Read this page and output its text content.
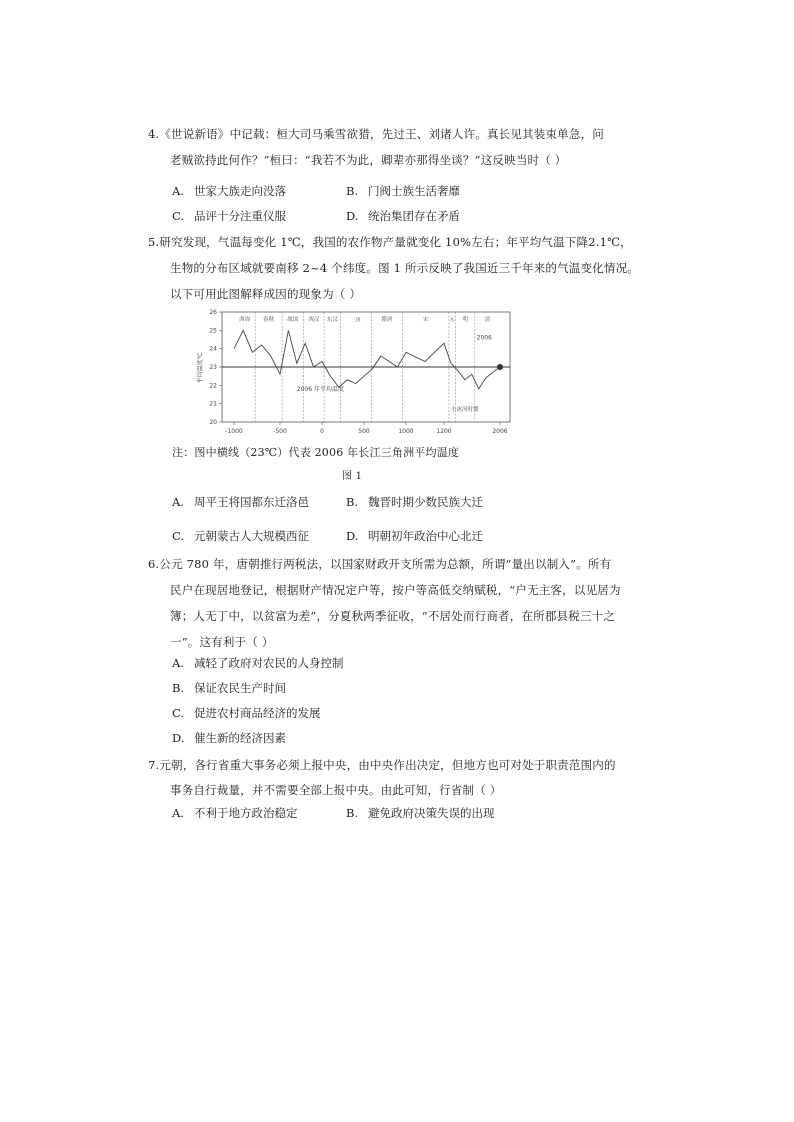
4.《世说新语》中记载：桓大司马乘雪欲猎，先过王、刘诸人许。真长见其装束单急，问
老贼欲持此何作？”桓曰：“我若不为此，卿辈亦那得坐谈？”这反映当时（ ）
A. 世家大族走向没落	B. 门阀士族生活奢靡
C. 品评十分注重仪服	D. 统治集团存在矛盾
5.研究发现，气温每变化 1℃，我国的农作物产量就变化 10%左右；年平均气温下降2.1℃，
生物的分布区域就要南移 2~4 个纬度。图 1 所示反映了我国近三千年来的气温变化情况。
以下可用此图解释成因的现象为（ ）
26
25
24
23
22
21
20
-1000	-500	0	500	1000	1200	2006
西周 春秋 战国 西汉 东汉	三国	隋唐	宋	元 明	清
2006
2006 年平均温度
小冰河时期
平均温度℃
注：图中横线（23℃）代表 2006 年长江三角洲平均温度
图 1
A. 周平王将国都东迁洛邑	B. 魏晋时期少数民族大迁
C. 元朝蒙古人大规模西征	D. 明朝初年政治中心北迁
6.公元 780 年，唐朝推行两税法，以国家财政开支所需为总额，所谓“量出以制入”。所有
民户在现居地登记，根据财产情况定户等，按户等高低交纳赋税，“户无主客，以见居为
簿；人无丁中，以贫富为差”，分夏秋两季征收，“不居处而行商者，在所郡县税三十之
一”。这有利于（ ）
A. 减轻了政府对农民的人身控制
B. 保证农民生产时间
C. 促进农村商品经济的发展
D. 催生新的经济因素
7.元朝，各行省重大事务必须上报中央，由中央作出决定，但地方也可对处于职责范围内的
事务自行裁量，并不需要全部上报中央。由此可知，行省制（ ）
A. 不利于地方政治稳定	B. 避免政府决策失误的出现
